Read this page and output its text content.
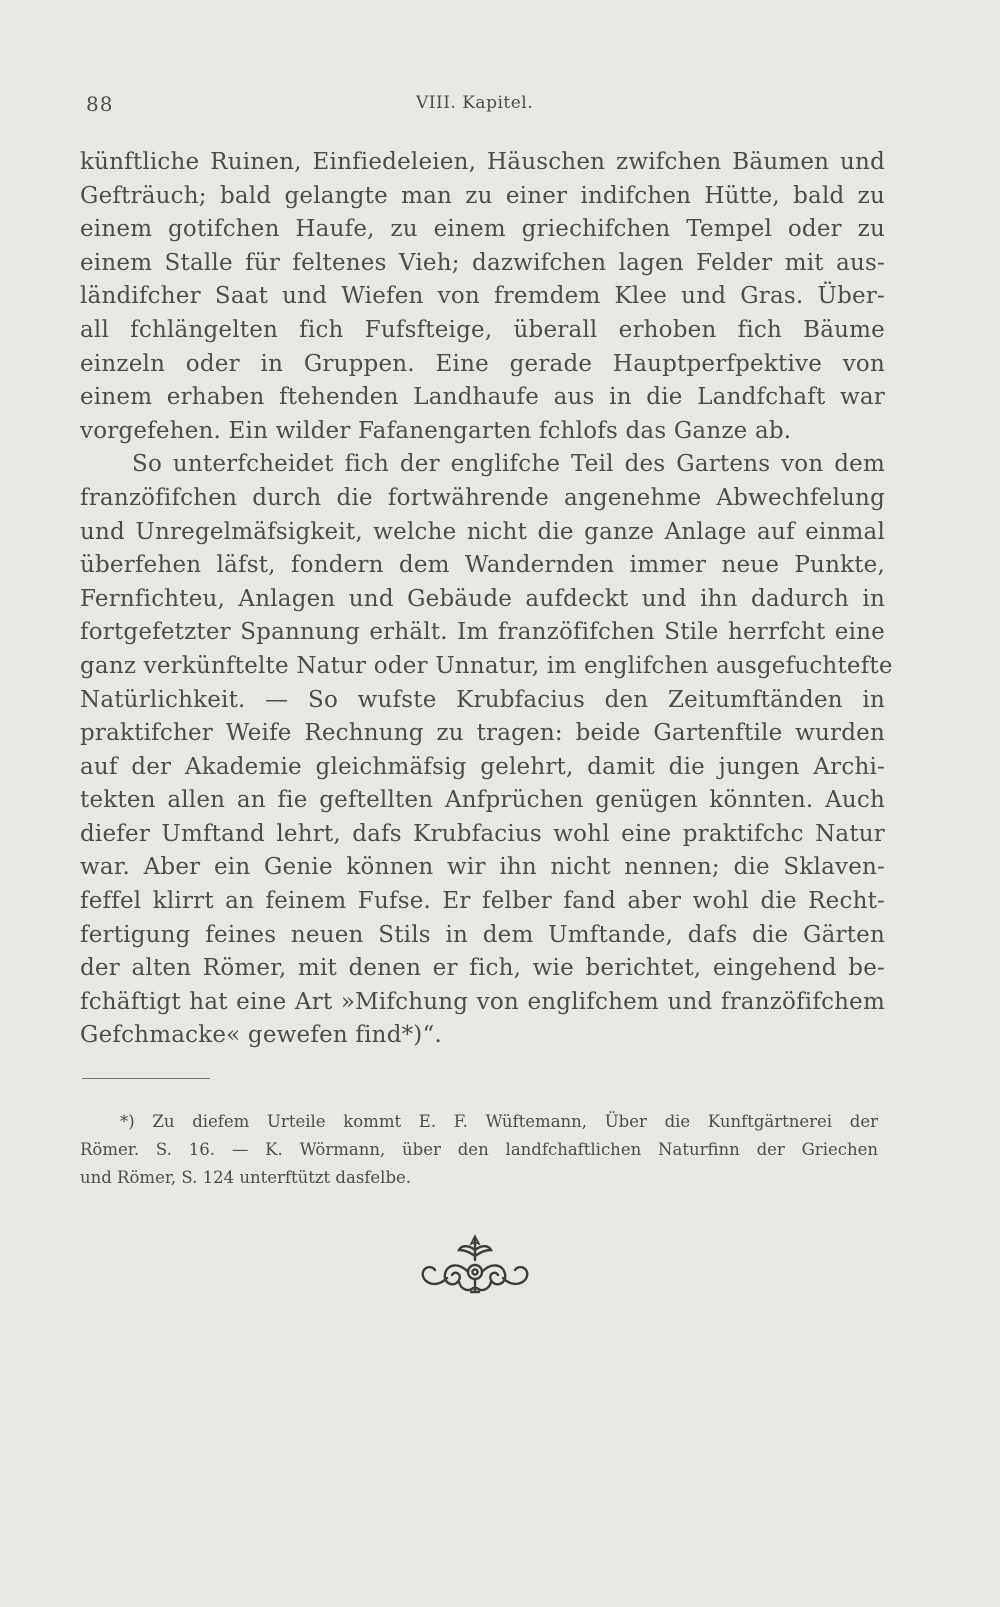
88	VIII. Kapitel.
künftliche Ruinen, Einfiedeleien, Häuschen zwifchen Bäumen und
Gefträuch; bald gelangte man zu einer indifchen Hütte, bald zu
einem gotifchen Haufe, zu einem griechifchen Tempel oder zu
einem Stalle für feltenes Vieh; dazwifchen lagen Felder mit aus-
ländifcher Saat und Wiefen von fremdem Klee und Gras. Über-
all fchlängelten fich Fufsfteige, überall erhoben fich Bäume
einzeln oder in Gruppen. Eine gerade Hauptperfpektive von
einem erhaben ftehenden Landhaufe aus in die Landfchaft war
vorgefehen. Ein wilder Fafanengarten fchlofs das Ganze ab.
So unterfcheidet fich der englifche Teil des Gartens von dem
franzöfifchen durch die fortwährende angenehme Abwechfelung
und Unregelmäfsigkeit, welche nicht die ganze Anlage auf einmal
überfehen läfst, fondern dem Wandernden immer neue Punkte,
Fernfichteu, Anlagen und Gebäude aufdeckt und ihn dadurch in
fortgefetzter Spannung erhält. Im franzöfifchen Stile herrfcht eine
ganz verkünftelte Natur oder Unnatur, im englifchen ausgefuchtefte
Natürlichkeit. — So wufste Krubfacius den Zeitumftänden in
praktifcher Weife Rechnung zu tragen: beide Gartenftile wurden
auf der Akademie gleichmäfsig gelehrt, damit die jungen Archi-
tekten allen an fie geftellten Anfprüchen genügen könnten. Auch
diefer Umftand lehrt, dafs Krubfacius wohl eine praktifchc Natur
war. Aber ein Genie können wir ihn nicht nennen; die Sklaven-
feffel klirrt an feinem Fufse. Er felber fand aber wohl die Recht-
fertigung feines neuen Stils in dem Umftande, dafs die Gärten
der alten Römer, mit denen er fich, wie berichtet, eingehend be-
fchäftigt hat eine Art »Mifchung von englifchem und franzöfifchem
Gefchmacke« gewefen find*)“.
*) Zu diefem Urteile kommt E. F. Wüftemann, Über die Kunftgärtnerei der
Römer. S. 16. — K. Wörmann, über den landfchaftlichen Naturfinn der Griechen
und Römer, S. 124 unterftützt dasfelbe.
